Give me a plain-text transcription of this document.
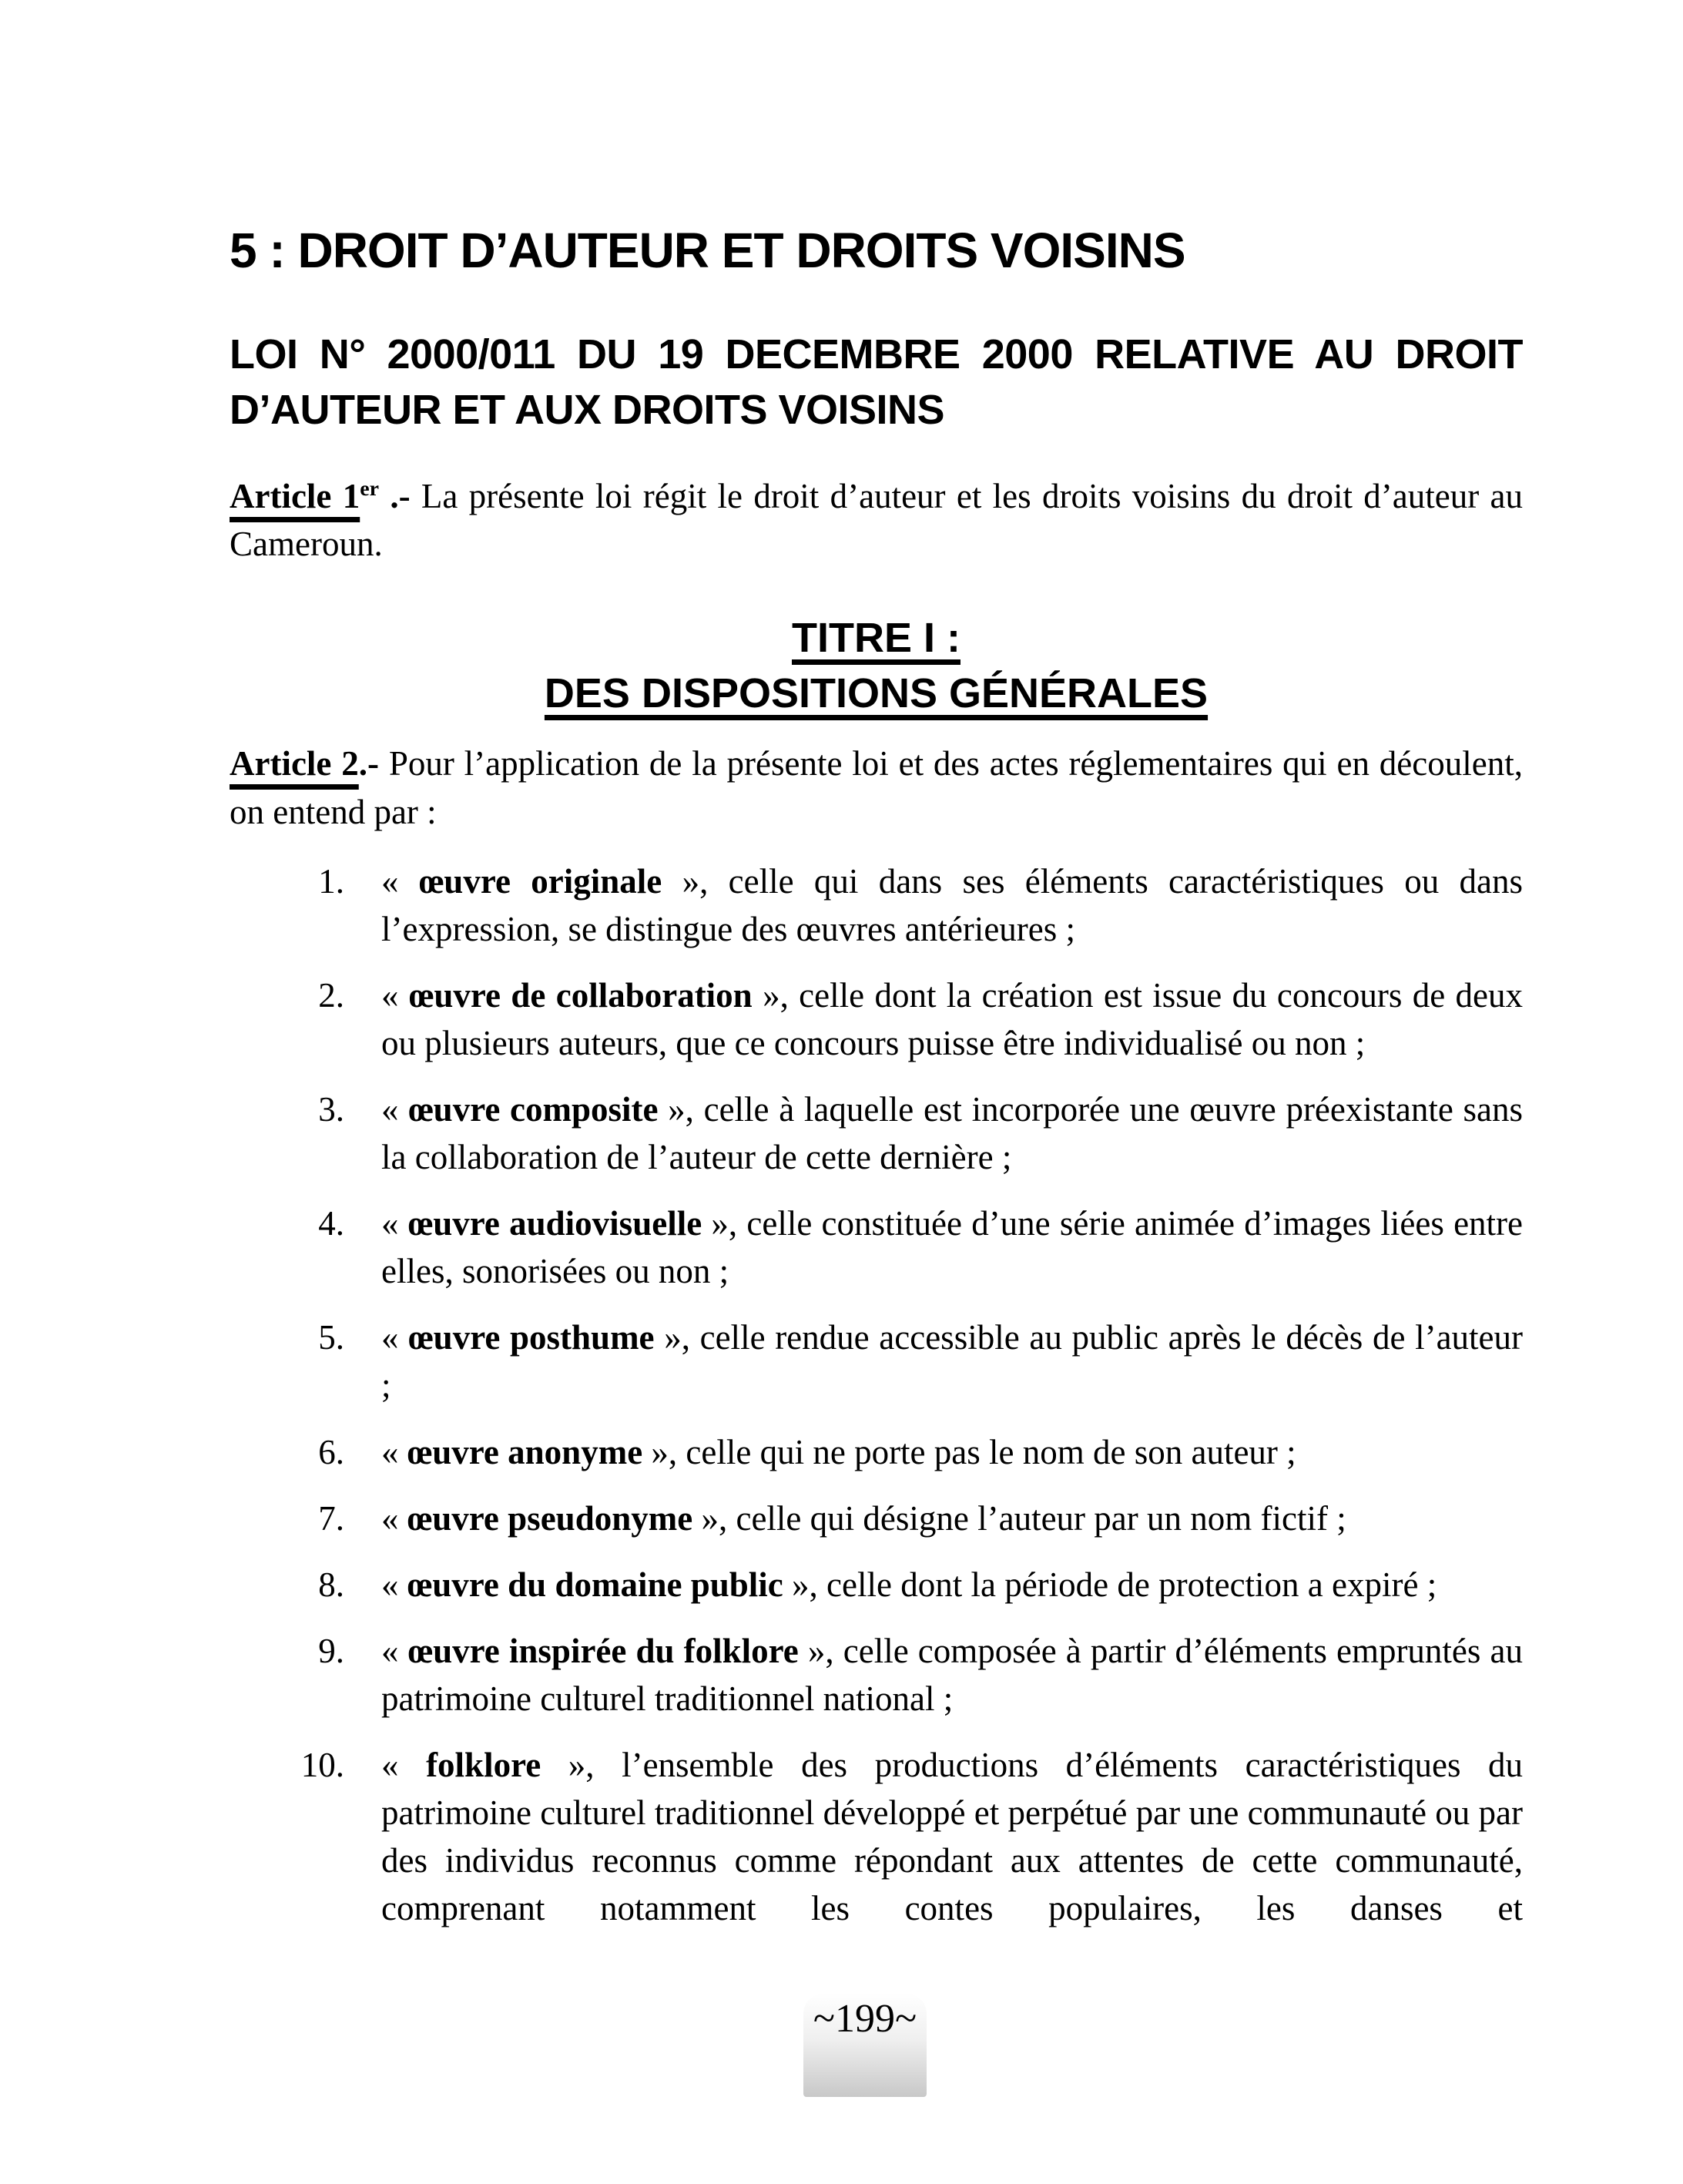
5 : DROIT D’AUTEUR ET DROITS VOISINS
LOI N° 2000/011 DU 19 DECEMBRE 2000 RELATIVE AU DROIT D’AUTEUR ET AUX DROITS VOISINS

Article 1er .- La présente loi régit le droit d’auteur et les droits voisins du droit d’auteur au Cameroun.

TITRE I :
DES DISPOSITIONS GÉNÉRALES

Article 2.- Pour l’application de la présente loi et des actes réglementaires qui en découlent, on entend par :

1.	« œuvre originale », celle qui dans ses éléments caractéristiques ou dans l’expression, se distingue des œuvres antérieures ;
2.	« œuvre de collaboration », celle dont la création est issue du concours de deux ou plusieurs auteurs, que ce concours puisse être individualisé ou non ;
3.	« œuvre composite », celle à laquelle est incorporée une œuvre préexistante sans la collaboration de l’auteur de cette dernière ;
4.	« œuvre audiovisuelle », celle constituée d’une série animée d’images liées entre elles, sonorisées ou non ;
5.	« œuvre posthume », celle rendue accessible au public après le décès de l’auteur ;
6.	« œuvre anonyme », celle qui ne porte pas le nom de son auteur ;
7.	« œuvre pseudonyme », celle qui désigne l’auteur par un nom fictif ;
8.	« œuvre du domaine public », celle dont la période de protection a expiré ;
9.	« œuvre inspirée du folklore », celle composée à partir d’éléments empruntés au patrimoine culturel traditionnel national ;
10.	« folklore », l’ensemble des productions d’éléments caractéristiques du patrimoine culturel traditionnel développé et perpétué par une communauté ou par des individus reconnus comme répondant aux attentes de cette communauté, comprenant notamment les contes populaires, les danses et
~199~
